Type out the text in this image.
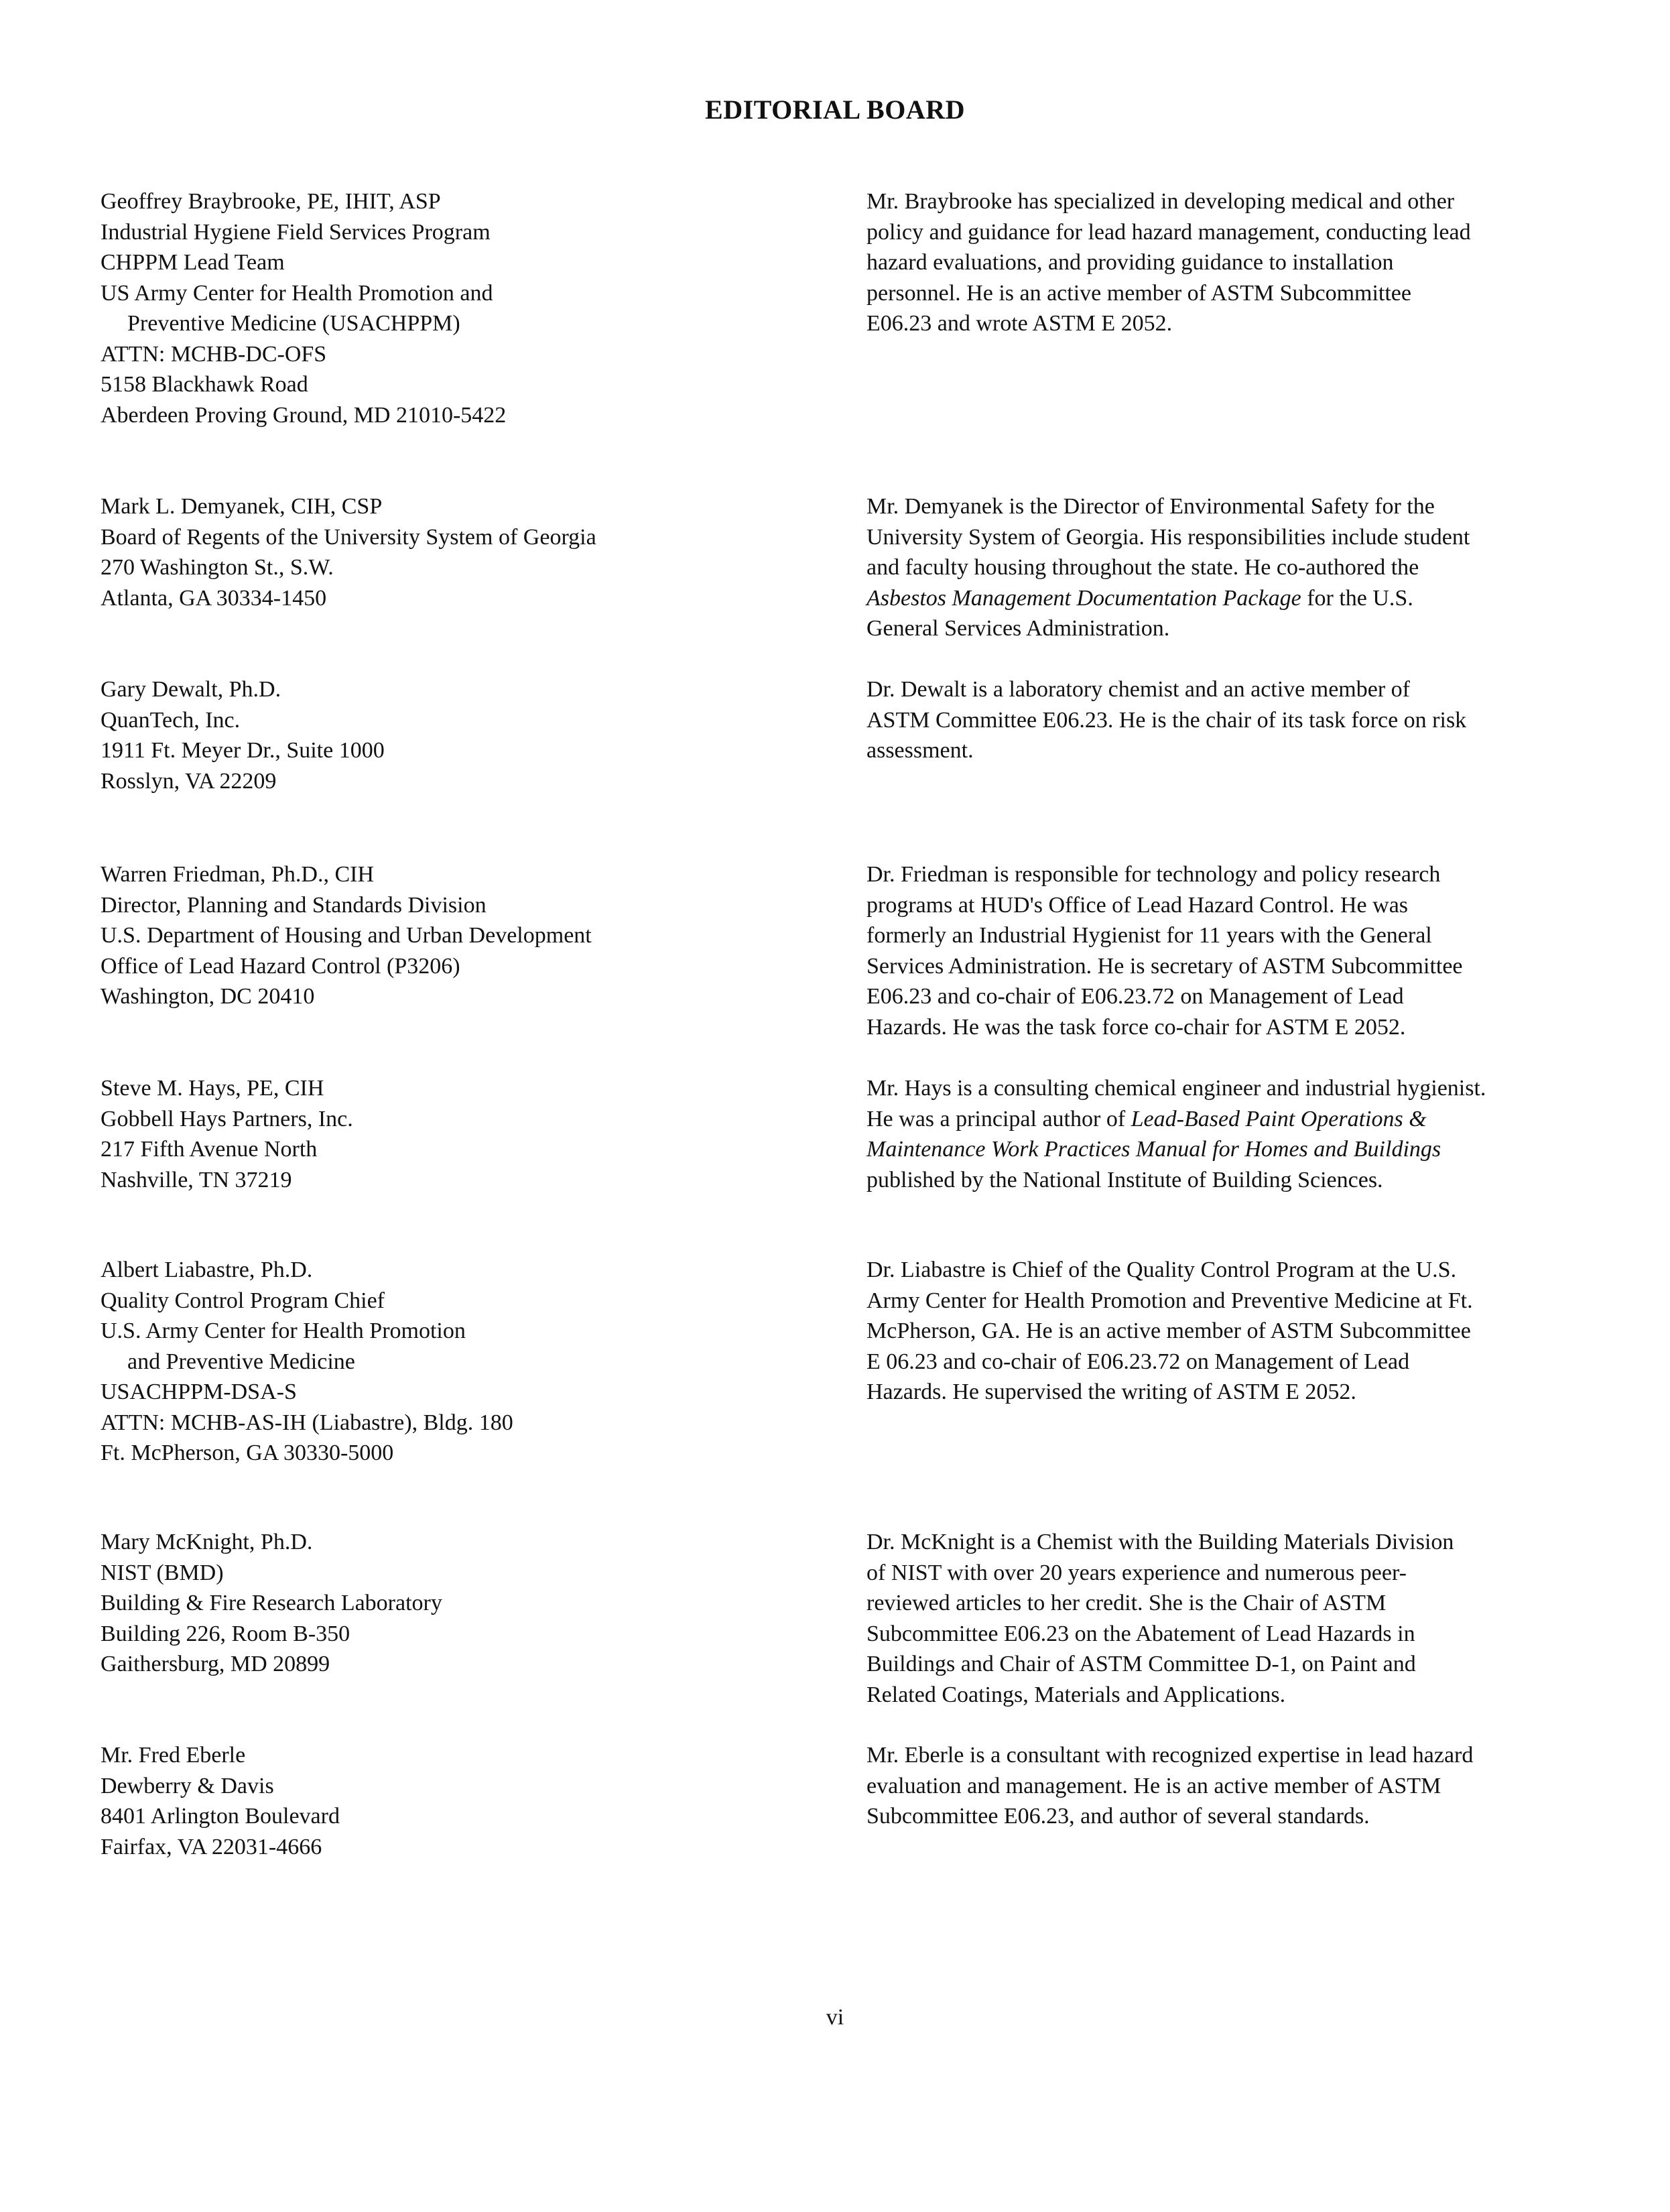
EDITORIAL BOARD
Geoffrey Braybrooke, PE, IHIT, ASP
Industrial Hygiene Field Services Program
CHPPM Lead Team
US Army Center for Health Promotion and
Preventive Medicine (USACHPPM)
ATTN: MCHB-DC-OFS
5158 Blackhawk Road
Aberdeen Proving Ground, MD 21010-5422
Mr. Braybrooke has specialized in developing medical and other
policy and guidance for lead hazard management, conducting lead
hazard evaluations, and providing guidance to installation
personnel. He is an active member of ASTM Subcommittee
E06.23 and wrote ASTM E 2052.
Mark L. Demyanek, CIH, CSP
Board of Regents of the University System of Georgia
270 Washington St., S.W.
Atlanta, GA 30334-1450
Mr. Demyanek is the Director of Environmental Safety for the
University System of Georgia. His responsibilities include student
and faculty housing throughout the state. He co-authored the
Asbestos Management Documentation Package for the U.S.
General Services Administration.
Gary Dewalt, Ph.D.
QuanTech, Inc.
1911 Ft. Meyer Dr., Suite 1000
Rosslyn, VA 22209
Dr. Dewalt is a laboratory chemist and an active member of
ASTM Committee E06.23. He is the chair of its task force on risk
assessment.
Warren Friedman, Ph.D., CIH
Director, Planning and Standards Division
U.S. Department of Housing and Urban Development
Office of Lead Hazard Control (P3206)
Washington, DC 20410
Dr. Friedman is responsible for technology and policy research
programs at HUD's Office of Lead Hazard Control. He was
formerly an Industrial Hygienist for 11 years with the General
Services Administration. He is secretary of ASTM Subcommittee
E06.23 and co-chair of E06.23.72 on Management of Lead
Hazards. He was the task force co-chair for ASTM E 2052.
Steve M. Hays, PE, CIH
Gobbell Hays Partners, Inc.
217 Fifth Avenue North
Nashville, TN 37219
Mr. Hays is a consulting chemical engineer and industrial hygienist.
He was a principal author of Lead-Based Paint Operations &
Maintenance Work Practices Manual for Homes and Buildings
published by the National Institute of Building Sciences.
Albert Liabastre, Ph.D.
Quality Control Program Chief
U.S. Army Center for Health Promotion
and Preventive Medicine
USACHPPM-DSA-S
ATTN: MCHB-AS-IH (Liabastre), Bldg. 180
Ft. McPherson, GA 30330-5000
Dr. Liabastre is Chief of the Quality Control Program at the U.S.
Army Center for Health Promotion and Preventive Medicine at Ft.
McPherson, GA. He is an active member of ASTM Subcommittee
E 06.23 and co-chair of E06.23.72 on Management of Lead
Hazards. He supervised the writing of ASTM E 2052.
Mary McKnight, Ph.D.
NIST (BMD)
Building & Fire Research Laboratory
Building 226, Room B-350
Gaithersburg, MD 20899
Dr. McKnight is a Chemist with the Building Materials Division
of NIST with over 20 years experience and numerous peer-
reviewed articles to her credit. She is the Chair of ASTM
Subcommittee E06.23 on the Abatement of Lead Hazards in
Buildings and Chair of ASTM Committee D-1, on Paint and
Related Coatings, Materials and Applications.
Mr. Fred Eberle
Dewberry & Davis
8401 Arlington Boulevard
Fairfax, VA 22031-4666
Mr. Eberle is a consultant with recognized expertise in lead hazard
evaluation and management. He is an active member of ASTM
Subcommittee E06.23, and author of several standards.
vi
